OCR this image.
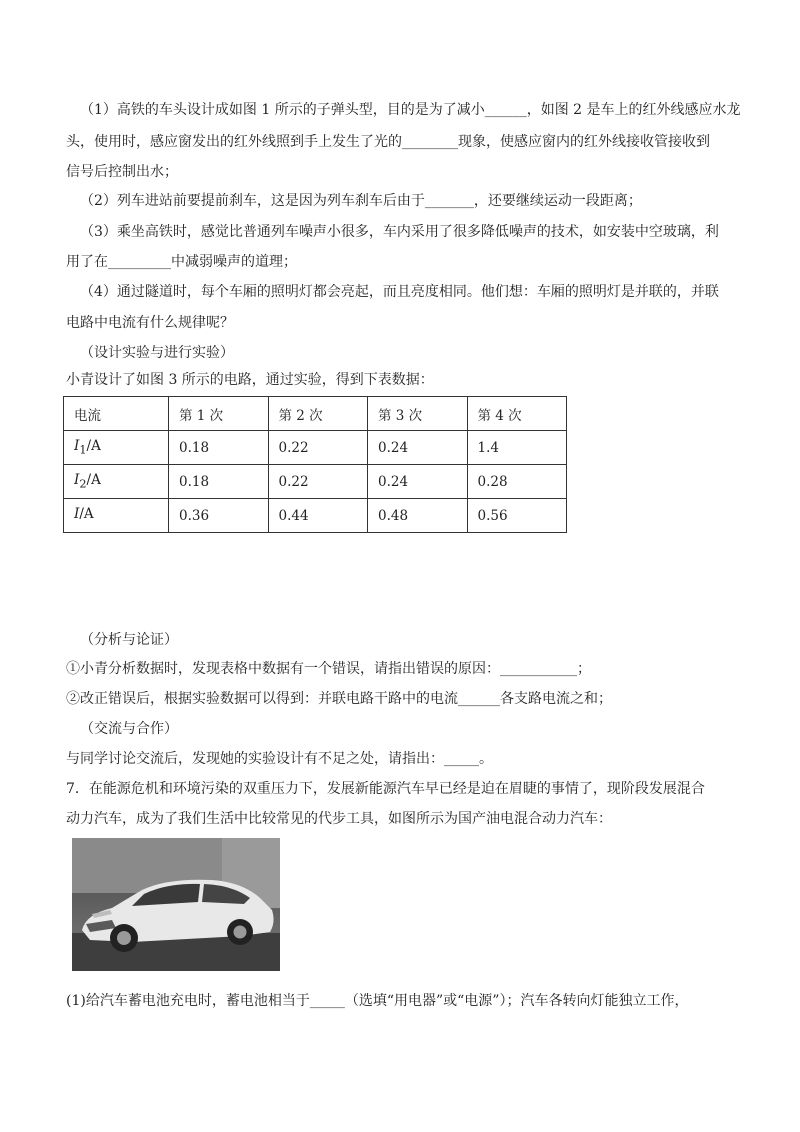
（1）高铁的车头设计成如图 1 所示的子弹头型，目的是为了减小______，如图 2 是车上的红外线感应水龙
头，使用时，感应窗发出的红外线照到手上发生了光的________现象，使感应窗内的红外线接收管接收到
信号后控制出水；
（2）列车进站前要提前刹车，这是因为列车刹车后由于_______，还要继续运动一段距离；
（3）乘坐高铁时，感觉比普通列车噪声小很多，车内采用了很多降低噪声的技术，如安装中空玻璃，利
用了在_________中减弱噪声的道理；
（4）通过隧道时，每个车厢的照明灯都会亮起，而且亮度相同。他们想：车厢的照明灯是并联的，并联
电路中电流有什么规律呢？
（设计实验与进行实验）
小青设计了如图 3 所示的电路，通过实验，得到下表数据：
电流	第 1 次	第 2 次	第 3 次	第 4 次
$I_1/A$	0.18	0.22	0.24	1.4
$I_2/A$	0.18	0.22	0.24	0.28
I/A	0.36	0.44	0.48	0.56
（分析与论证）
①小青分析数据时，发现表格中数据有一个错误，请指出错误的原因：___________；
②改正错误后，根据实验数据可以得到：并联电路干路中的电流______各支路电流之和；
（交流与合作）
与同学讨论交流后，发现她的实验设计有不足之处，请指出：_____。
7．在能源危机和环境污染的双重压力下，发展新能源汽车早已经是迫在眉睫的事情了，现阶段发展混合
动力汽车，成为了我们生活中比较常见的代步工具，如图所示为国产油电混合动力汽车：
(1)给汽车蓄电池充电时，蓄电池相当于_____（选填“用电器”或“电源”）；汽车各转向灯能独立工作，
